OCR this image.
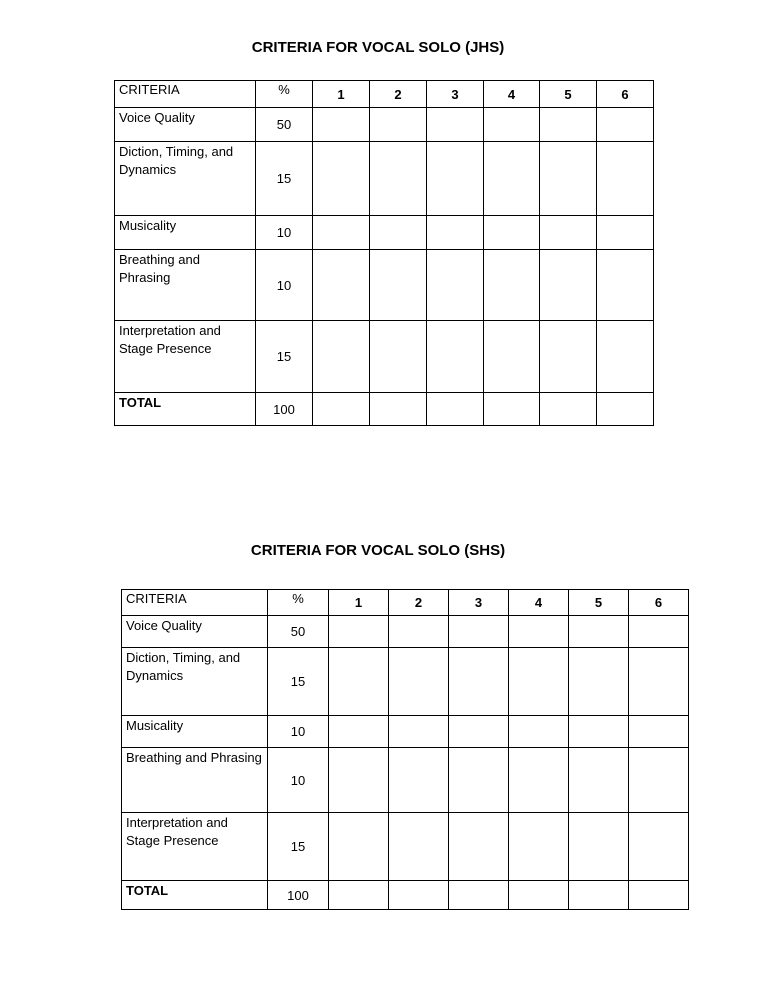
CRITERIA FOR VOCAL SOLO (JHS)
CRITERIA	%	1	2	3	4	5	6
Voice Quality	50						
Diction, Timing, and Dynamics	15						
Musicality	10						
Breathing and Phrasing	10						
Interpretation and Stage Presence	15						
TOTAL	100						
CRITERIA FOR VOCAL SOLO (SHS)
CRITERIA	%	1	2	3	4	5	6
Voice Quality	50						
Diction, Timing, and Dynamics	15						
Musicality	10						
Breathing and Phrasing	10						
Interpretation and Stage Presence	15						
TOTAL	100						
